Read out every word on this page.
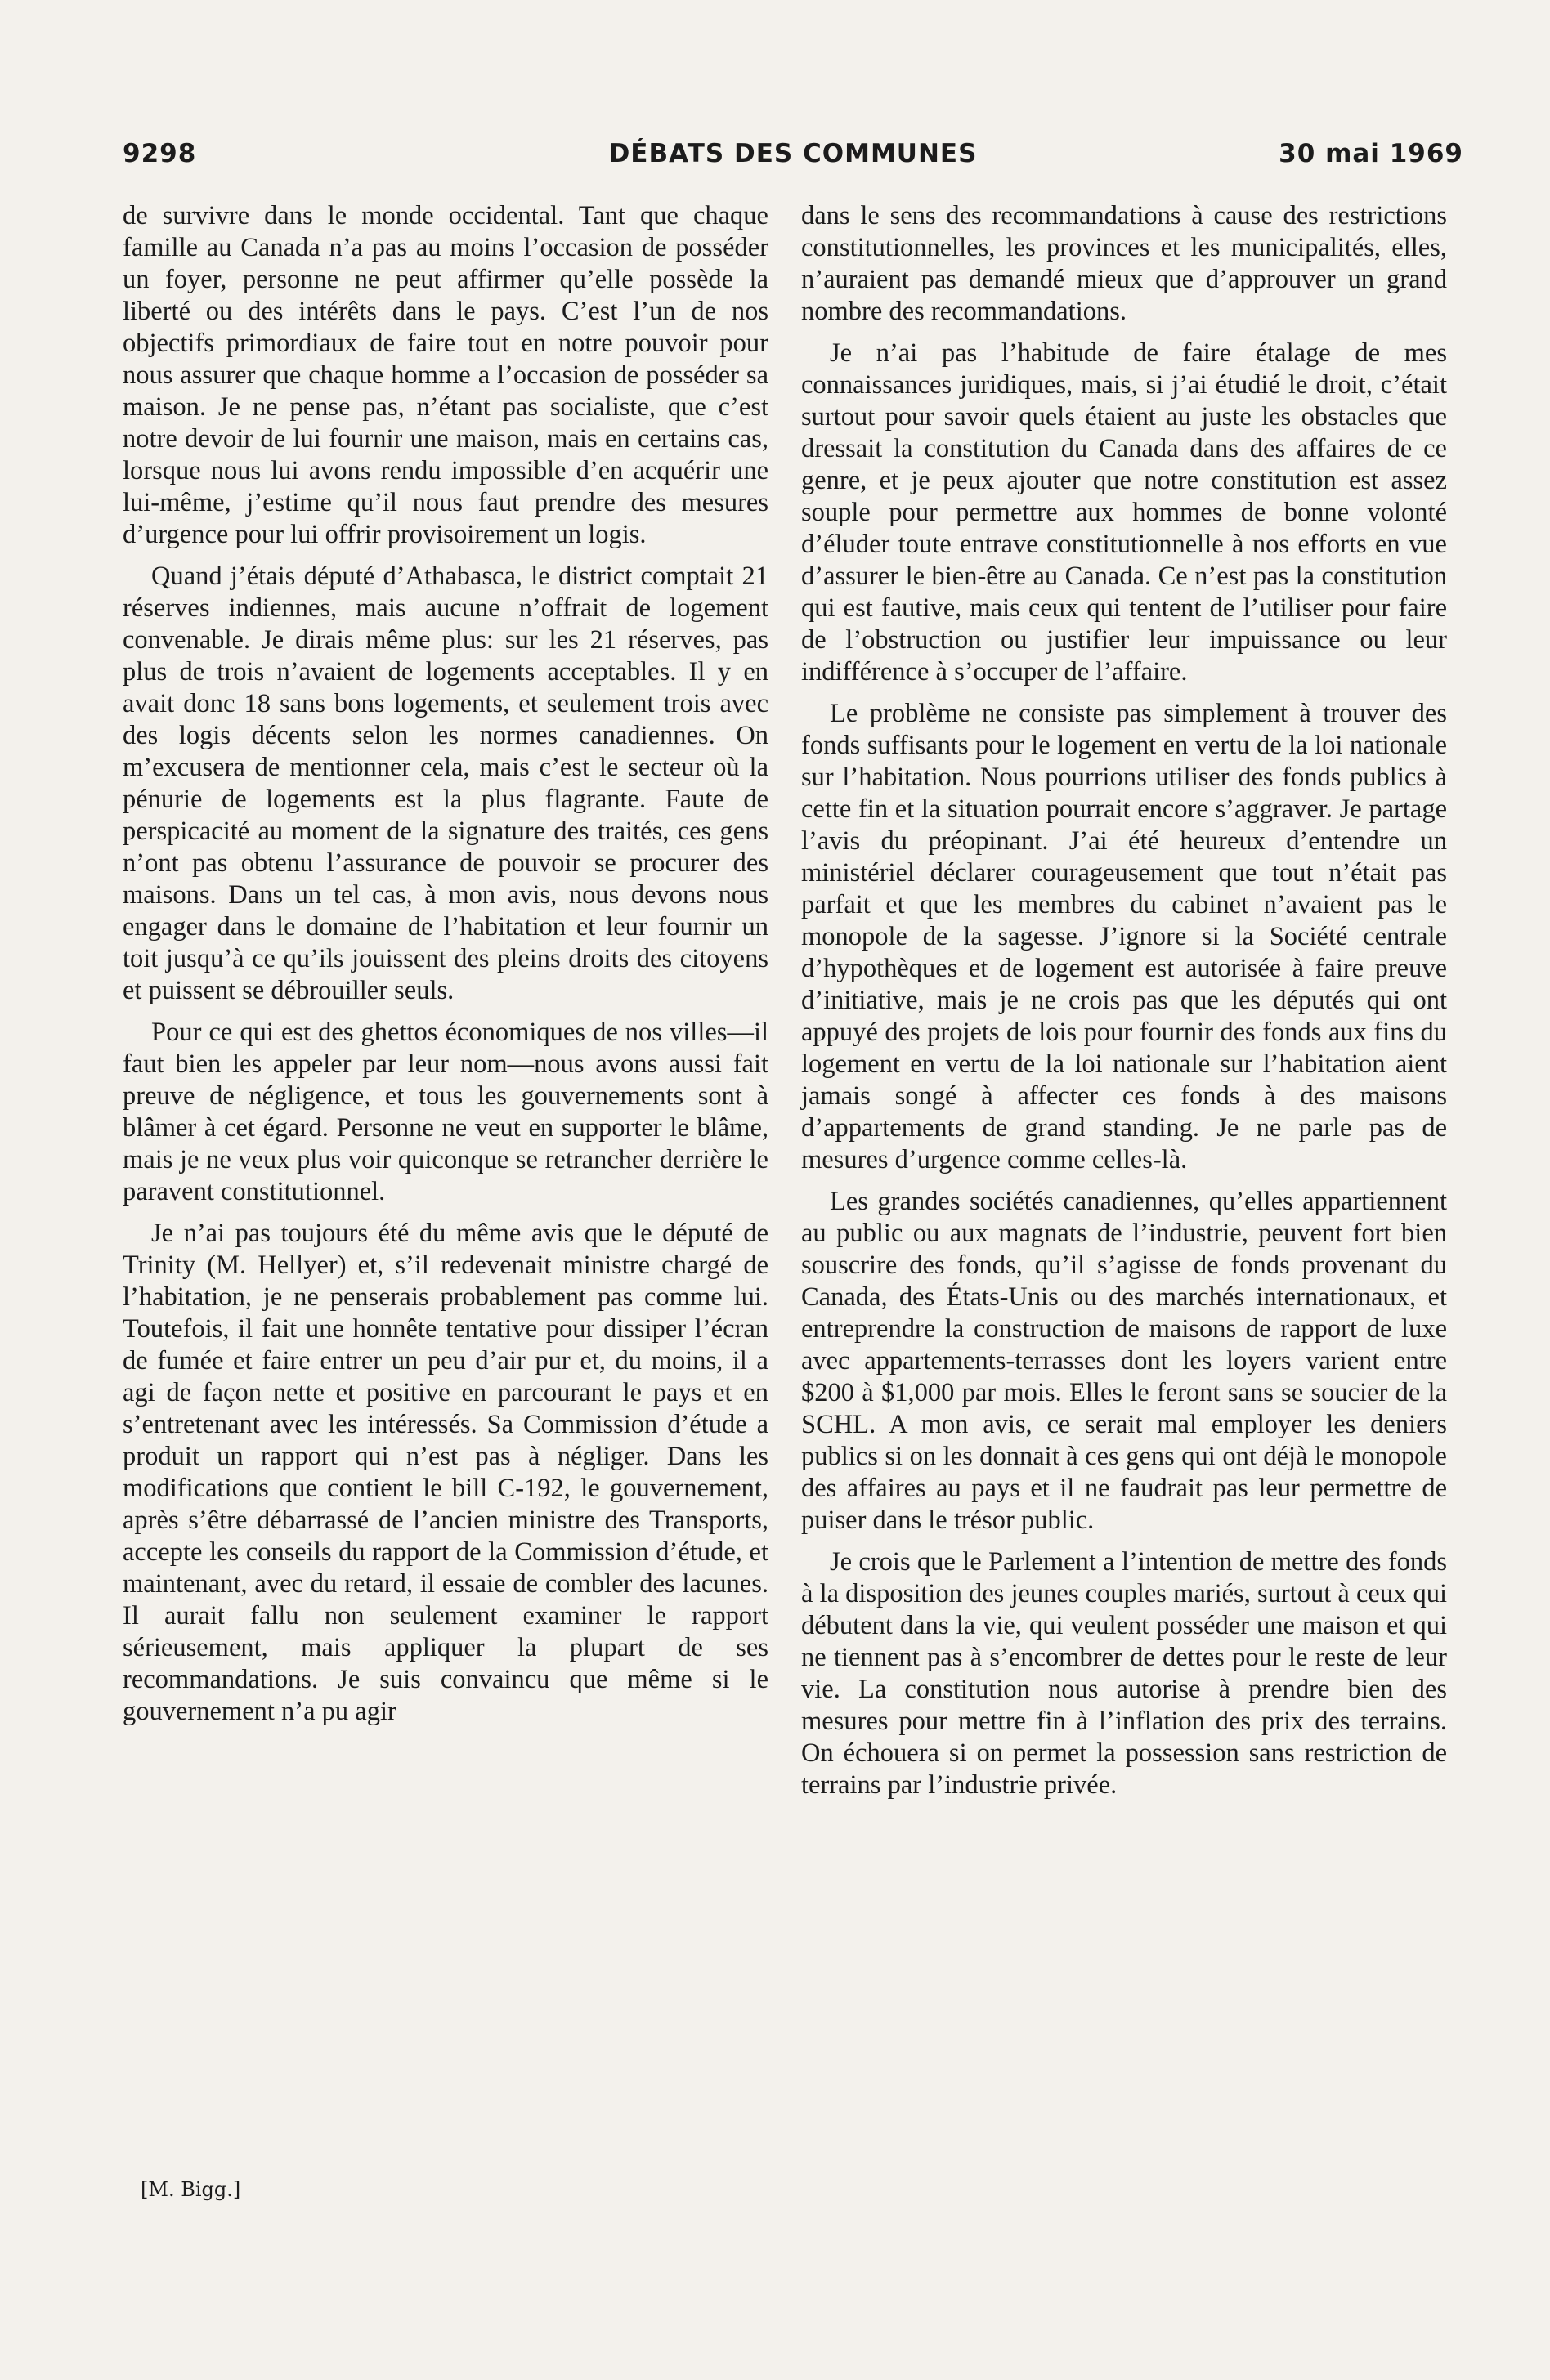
9298	DÉBATS DES COMMUNES	30 mai 1969

de survivre dans le monde occidental. Tant que chaque famille au Canada n’a pas au moins l’occasion de posséder un foyer, personne ne peut affirmer qu’elle possède la liberté ou des intérêts dans le pays. C’est l’un de nos objectifs primordiaux de faire tout en notre pouvoir pour nous assurer que chaque homme a l’occasion de posséder sa maison. Je ne pense pas, n’étant pas socialiste, que c’est notre devoir de lui fournir une maison, mais en certains cas, lorsque nous lui avons rendu impossible d’en acquérir une lui-même, j’estime qu’il nous faut prendre des mesures d’urgence pour lui offrir provisoirement un logis.

Quand j’étais député d’Athabasca, le district comptait 21 réserves indiennes, mais aucune n’offrait de logement convenable. Je dirais même plus: sur les 21 réserves, pas plus de trois n’avaient de logements acceptables. Il y en avait donc 18 sans bons logements, et seulement trois avec des logis décents selon les normes canadiennes. On m’excusera de mentionner cela, mais c’est le secteur où la pénurie de logements est la plus flagrante. Faute de perspicacité au moment de la signature des traités, ces gens n’ont pas obtenu l’assurance de pouvoir se procurer des maisons. Dans un tel cas, à mon avis, nous devons nous engager dans le domaine de l’habitation et leur fournir un toit jusqu’à ce qu’ils jouissent des pleins droits des citoyens et puissent se débrouiller seuls.

Pour ce qui est des ghettos économiques de nos villes—il faut bien les appeler par leur nom—nous avons aussi fait preuve de négligence, et tous les gouvernements sont à blâmer à cet égard. Personne ne veut en supporter le blâme, mais je ne veux plus voir quiconque se retrancher derrière le paravent constitutionnel.

Je n’ai pas toujours été du même avis que le député de Trinity (M. Hellyer) et, s’il redevenait ministre chargé de l’habitation, je ne penserais probablement pas comme lui. Toutefois, il fait une honnête tentative pour dissiper l’écran de fumée et faire entrer un peu d’air pur et, du moins, il a agi de façon nette et positive en parcourant le pays et en s’entretenant avec les intéressés. Sa Commission d’étude a produit un rapport qui n’est pas à négliger. Dans les modifications que contient le bill C-192, le gouvernement, après s’être débarrassé de l’ancien ministre des Transports, accepte les conseils du rapport de la Commission d’étude, et maintenant, avec du retard, il essaie de combler des lacunes. Il aurait fallu non seulement examiner le rapport sérieusement, mais appliquer la plupart de ses recommandations. Je suis convaincu que même si le gouvernement n’a pu agir

dans le sens des recommandations à cause des restrictions constitutionnelles, les provinces et les municipalités, elles, n’auraient pas demandé mieux que d’approuver un grand nombre des recommandations.

Je n’ai pas l’habitude de faire étalage de mes connaissances juridiques, mais, si j’ai étudié le droit, c’était surtout pour savoir quels étaient au juste les obstacles que dressait la constitution du Canada dans des affaires de ce genre, et je peux ajouter que notre constitution est assez souple pour permettre aux hommes de bonne volonté d’éluder toute entrave constitutionnelle à nos efforts en vue d’assurer le bien-être au Canada. Ce n’est pas la constitution qui est fautive, mais ceux qui tentent de l’utiliser pour faire de l’obstruction ou justifier leur impuissance ou leur indifférence à s’occuper de l’affaire.

Le problème ne consiste pas simplement à trouver des fonds suffisants pour le logement en vertu de la loi nationale sur l’habitation. Nous pourrions utiliser des fonds publics à cette fin et la situation pourrait encore s’aggraver. Je partage l’avis du préopinant. J’ai été heureux d’entendre un ministériel déclarer courageusement que tout n’était pas parfait et que les membres du cabinet n’avaient pas le monopole de la sagesse. J’ignore si la Société centrale d’hypothèques et de logement est autorisée à faire preuve d’initiative, mais je ne crois pas que les députés qui ont appuyé des projets de lois pour fournir des fonds aux fins du logement en vertu de la loi nationale sur l’habitation aient jamais songé à affecter ces fonds à des maisons d’appartements de grand standing. Je ne parle pas de mesures d’urgence comme celles-là.

Les grandes sociétés canadiennes, qu’elles appartiennent au public ou aux magnats de l’industrie, peuvent fort bien souscrire des fonds, qu’il s’agisse de fonds provenant du Canada, des États-Unis ou des marchés internationaux, et entreprendre la construction de maisons de rapport de luxe avec appartements-terrasses dont les loyers varient entre $200 à $1,000 par mois. Elles le feront sans se soucier de la SCHL. A mon avis, ce serait mal employer les deniers publics si on les donnait à ces gens qui ont déjà le monopole des affaires au pays et il ne faudrait pas leur permettre de puiser dans le trésor public.

Je crois que le Parlement a l’intention de mettre des fonds à la disposition des jeunes couples mariés, surtout à ceux qui débutent dans la vie, qui veulent posséder une maison et qui ne tiennent pas à s’encombrer de dettes pour le reste de leur vie. La constitution nous autorise à prendre bien des mesures pour mettre fin à l’inflation des prix des terrains. On échouera si on permet la possession sans restriction de terrains par l’industrie privée.

[M. Bigg.]
